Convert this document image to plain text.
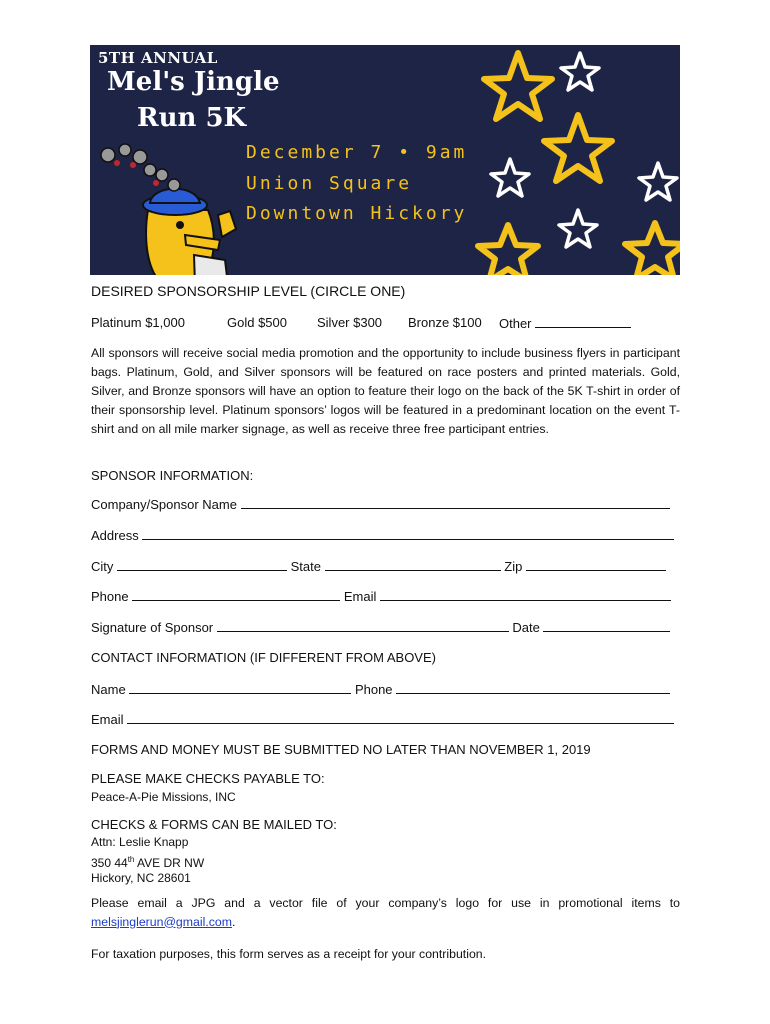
5TH ANNUAL
Mel's Jingle
Run 5K
December 7 • 9am
Union Square
Downtown Hickory
DESIRED SPONSORSHIP LEVEL (CIRCLE ONE)
Platinum $1,000	Gold $500 Silver $300 Bronze $100 Other
All sponsors will receive social media promotion and the opportunity to include business flyers in participant bags. Platinum, Gold, and Silver sponsors will be featured on race posters and printed materials. Gold, Silver, and Bronze sponsors will have an option to feature their logo on the back of the 5K T-shirt in order of their sponsorship level. Platinum sponsors’ logos will be featured in a predominant location on the event T-shirt and on all mile marker signage, as well as receive three free participant entries.
SPONSOR INFORMATION:
Company/Sponsor Name
Address
City	State	Zip
Phone	Email
Signature of Sponsor	Date
CONTACT INFORMATION (IF DIFFERENT FROM ABOVE)
Name	Phone
Email
FORMS AND MONEY MUST BE SUBMITTED NO LATER THAN NOVEMBER 1, 2019
PLEASE MAKE CHECKS PAYABLE TO:
Peace-A-Pie Missions, INC
CHECKS & FORMS CAN BE MAILED TO:
Attn: Leslie Knapp
350 44th AVE DR NW
Hickory, NC 28601
Please email a JPG and a vector file of your company’s logo for use in promotional items to melsjinglerun@gmail.com.
For taxation purposes, this form serves as a receipt for your contribution.
